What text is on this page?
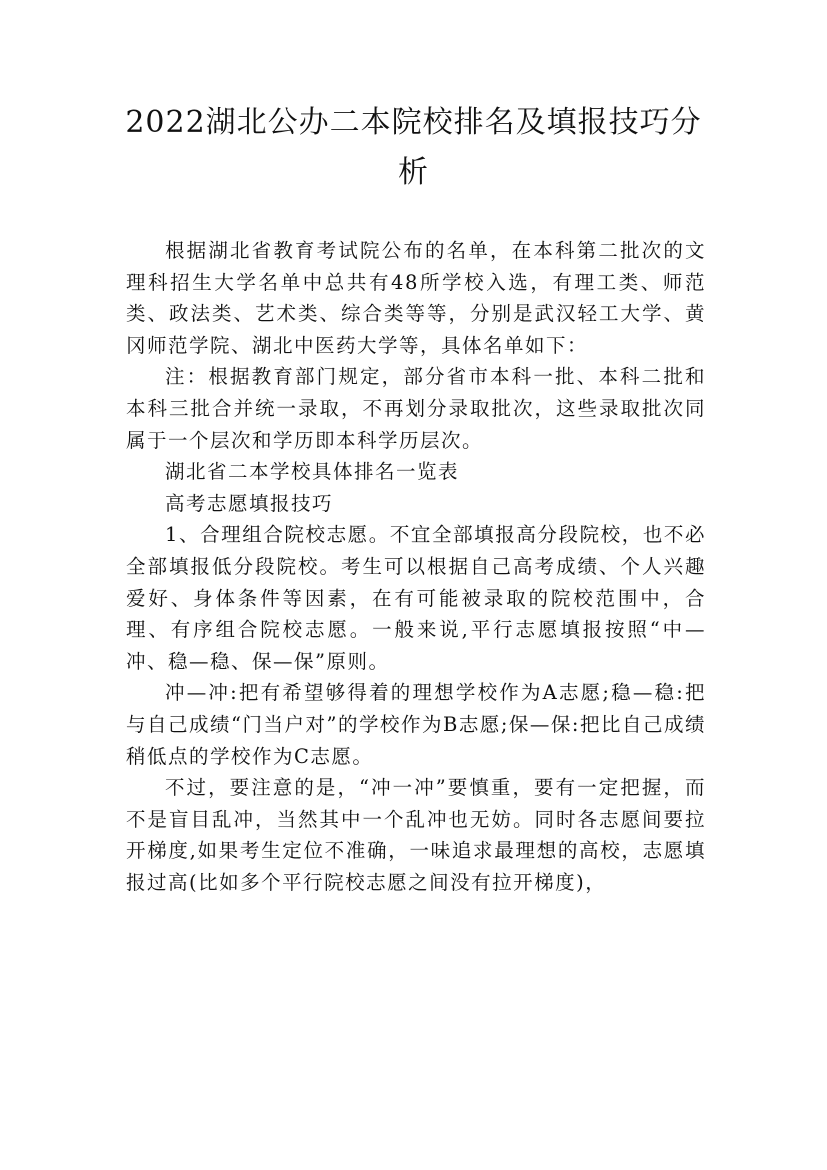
2022湖北公办二本院校排名及填报技巧分析

根据湖北省教育考试院公布的名单，在本科第二批次的文理科招生大学名单中总共有48所学校入选，有理工类、师范类、政法类、艺术类、综合类等等，分别是武汉轻工大学、黄冈师范学院、湖北中医药大学等，具体名单如下：

注：根据教育部门规定，部分省市本科一批、本科二批和本科三批合并统一录取，不再划分录取批次，这些录取批次同属于一个层次和学历即本科学历层次。

湖北省二本学校具体排名一览表

高考志愿填报技巧

1、合理组合院校志愿。不宜全部填报高分段院校，也不必全部填报低分段院校。考生可以根据自己高考成绩、个人兴趣爱好、身体条件等因素，在有可能被录取的院校范围中，合理、有序组合院校志愿。一般来说,平行志愿填报按照“中—冲、稳—稳、保—保”原则。

冲—冲:把有希望够得着的理想学校作为A志愿;稳—稳:把与自己成绩“门当户对”的学校作为B志愿;保—保:把比自己成绩稍低点的学校作为C志愿。

不过，要注意的是，“冲一冲”要慎重，要有一定把握，而不是盲目乱冲，当然其中一个乱冲也无妨。同时各志愿间要拉开梯度,如果考生定位不准确，一味追求最理想的高校，志愿填报过高(比如多个平行院校志愿之间没有拉开梯度)，
